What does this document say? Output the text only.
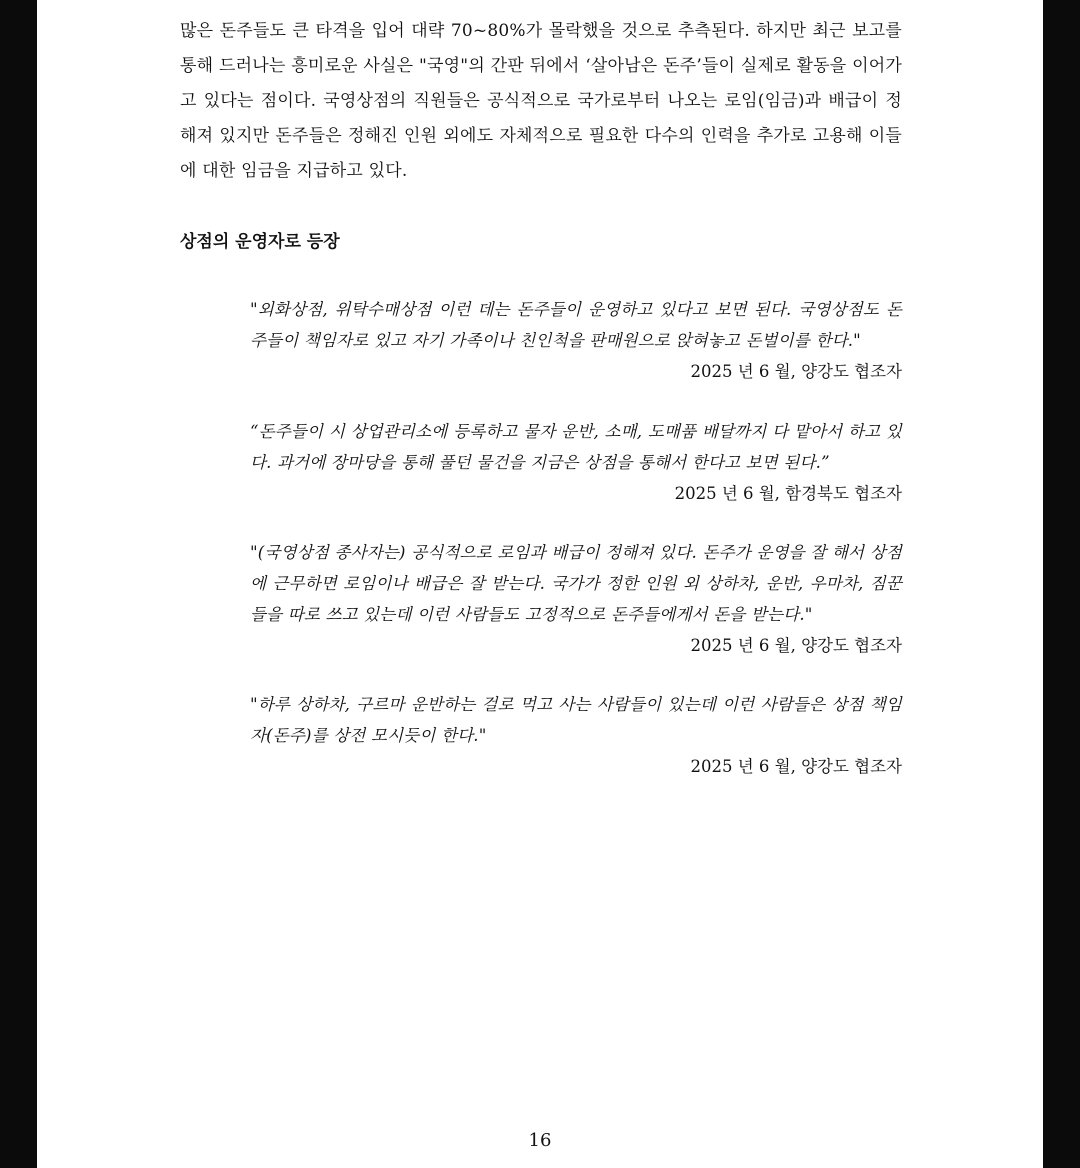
많은 돈주들도 큰 타격을 입어 대략 70~80%가 몰락했을 것으로 추측된다. 하지만 최근 보고를 통해 드러나는 흥미로운 사실은 "국영"의 간판 뒤에서 ‘살아남은 돈주’들이 실제로 활동을 이어가고 있다는 점이다. 국영상점의 직원들은 공식적으로 국가로부터 나오는 로임(임금)과 배급이 정해져 있지만 돈주들은 정해진 인원 외에도 자체적으로 필요한 다수의 인력을 추가로 고용해 이들에 대한 임금을 지급하고 있다.

상점의 운영자로 등장

"외화상점, 위탁수매상점 이런 데는 돈주들이 운영하고 있다고 보면 된다. 국영상점도 돈주들이 책임자로 있고 자기 가족이나 친인척을 판매원으로 앉혀놓고 돈벌이를 한다."

2025 년 6 월, 양강도 협조자

“돈주들이 시 상업관리소에 등록하고 물자 운반, 소매, 도매품 배달까지 다 맡아서 하고 있다. 과거에 장마당을 통해 풀던 물건을 지금은 상점을 통해서 한다고 보면 된다.”

2025 년 6 월, 함경북도 협조자

"(국영상점 종사자는) 공식적으로 로임과 배급이 정해져 있다. 돈주가 운영을 잘 해서 상점에 근무하면 로임이나 배급은 잘 받는다. 국가가 정한 인원 외 상하차, 운반, 우마차, 짐꾼들을 따로 쓰고 있는데 이런 사람들도 고정적으로 돈주들에게서 돈을 받는다."

2025 년 6 월, 양강도 협조자

"하루 상하차, 구르마 운반하는 걸로 먹고 사는 사람들이 있는데 이런 사람들은 상점 책임자(돈주)를 상전 모시듯이 한다."

2025 년 6 월, 양강도 협조자

16
